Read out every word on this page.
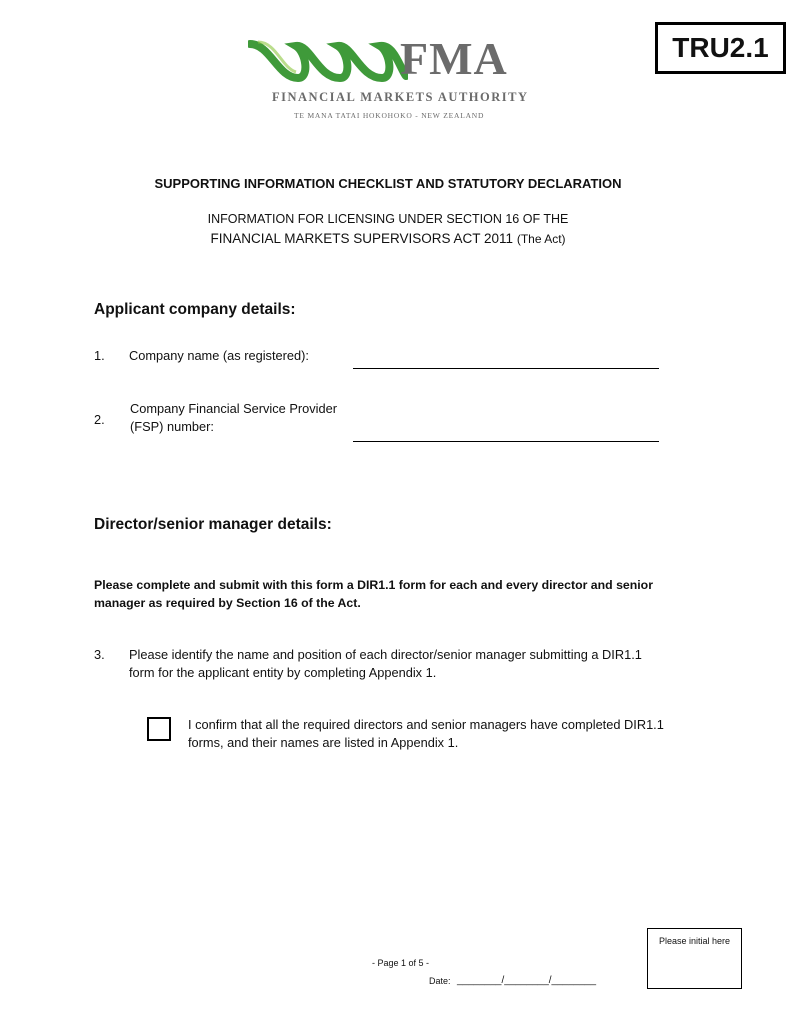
FMA
FINANCIAL MARKETS AUTHORITY
TE MANA TATAI HOKOHOKO - NEW ZEALAND
TRU2.1
SUPPORTING INFORMATION CHECKLIST AND STATUTORY DECLARATION
INFORMATION FOR LICENSING UNDER SECTION 16 OF THE
FINANCIAL MARKETS SUPERVISORS ACT 2011 (The Act)
Applicant company details:
1. Company name (as registered):
2.
Company Financial Service Provider
(FSP) number:
Director/senior manager details:
Please complete and submit with this form a DIR1.1 form for each and every director and senior
manager as required by Section 16 of the Act.
3. Please identify the name and position of each director/senior manager submitting a DIR1.1
form for the applicant entity by completing Appendix 1.
I confirm that all the required directors and senior managers have completed DIR1.1
forms, and their names are listed in Appendix 1.
- Page 1 of 5 -
Date: ________/________/________
Please initial here
